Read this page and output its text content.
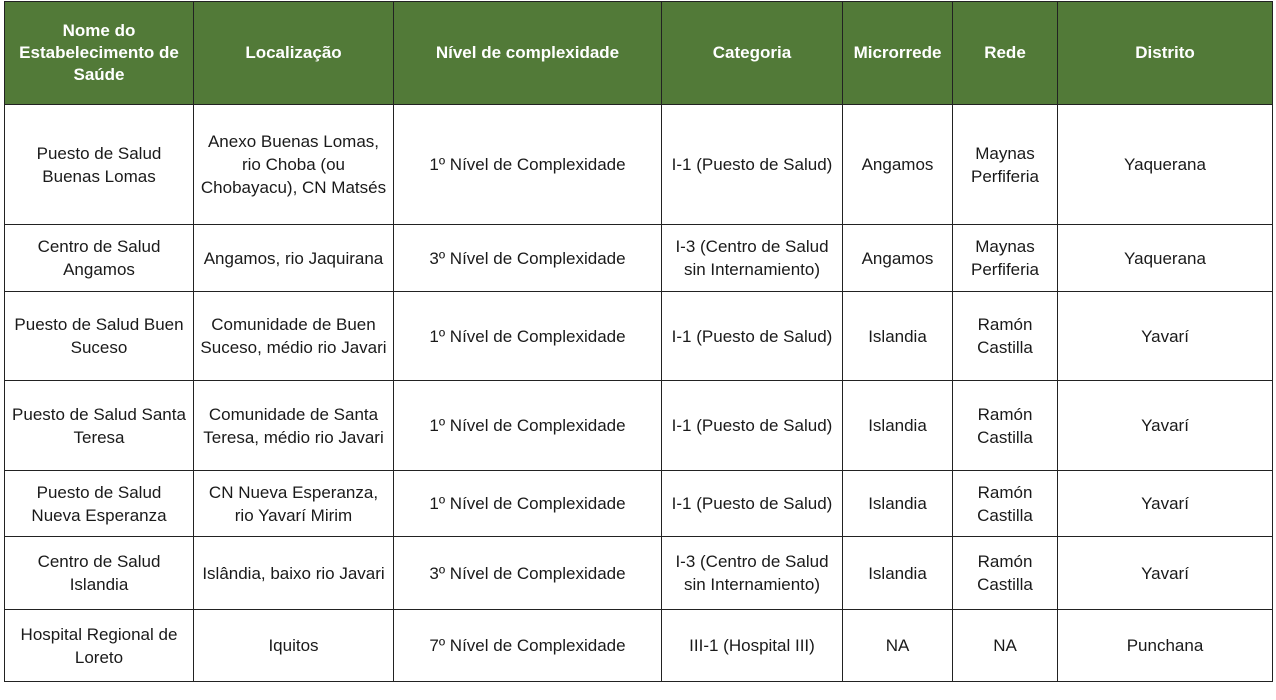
Nome do Estabelecimento de Saúde	Localização	Nível de complexidade	Categoria	Microrrede	Rede	Distrito
Puesto de Salud Buenas Lomas	Anexo Buenas Lomas, rio Choba (ou Chobayacu), CN Matsés	1º Nível de Complexidade	I-1 (Puesto de Salud)	Angamos	Maynas Perfiferia	Yaquerana
Centro de Salud Angamos	Angamos, rio Jaquirana	3º Nível de Complexidade	I-3 (Centro de Salud sin Internamiento)	Angamos	Maynas Perfiferia	Yaquerana
Puesto de Salud Buen Suceso	Comunidade de Buen Suceso, médio rio Javari	1º Nível de Complexidade	I-1 (Puesto de Salud)	Islandia	Ramón Castilla	Yavarí
Puesto de Salud Santa Teresa	Comunidade de Santa Teresa, médio rio Javari	1º Nível de Complexidade	I-1 (Puesto de Salud)	Islandia	Ramón Castilla	Yavarí
Puesto de Salud Nueva Esperanza	CN Nueva Esperanza, rio Yavarí Mirim	1º Nível de Complexidade	I-1 (Puesto de Salud)	Islandia	Ramón Castilla	Yavarí
Centro de Salud Islandia	Islândia, baixo rio Javari	3º Nível de Complexidade	I-3 (Centro de Salud sin Internamiento)	Islandia	Ramón Castilla	Yavarí
Hospital Regional de Loreto	Iquitos	7º Nível de Complexidade	III-1 (Hospital III)	NA	NA	Punchana
